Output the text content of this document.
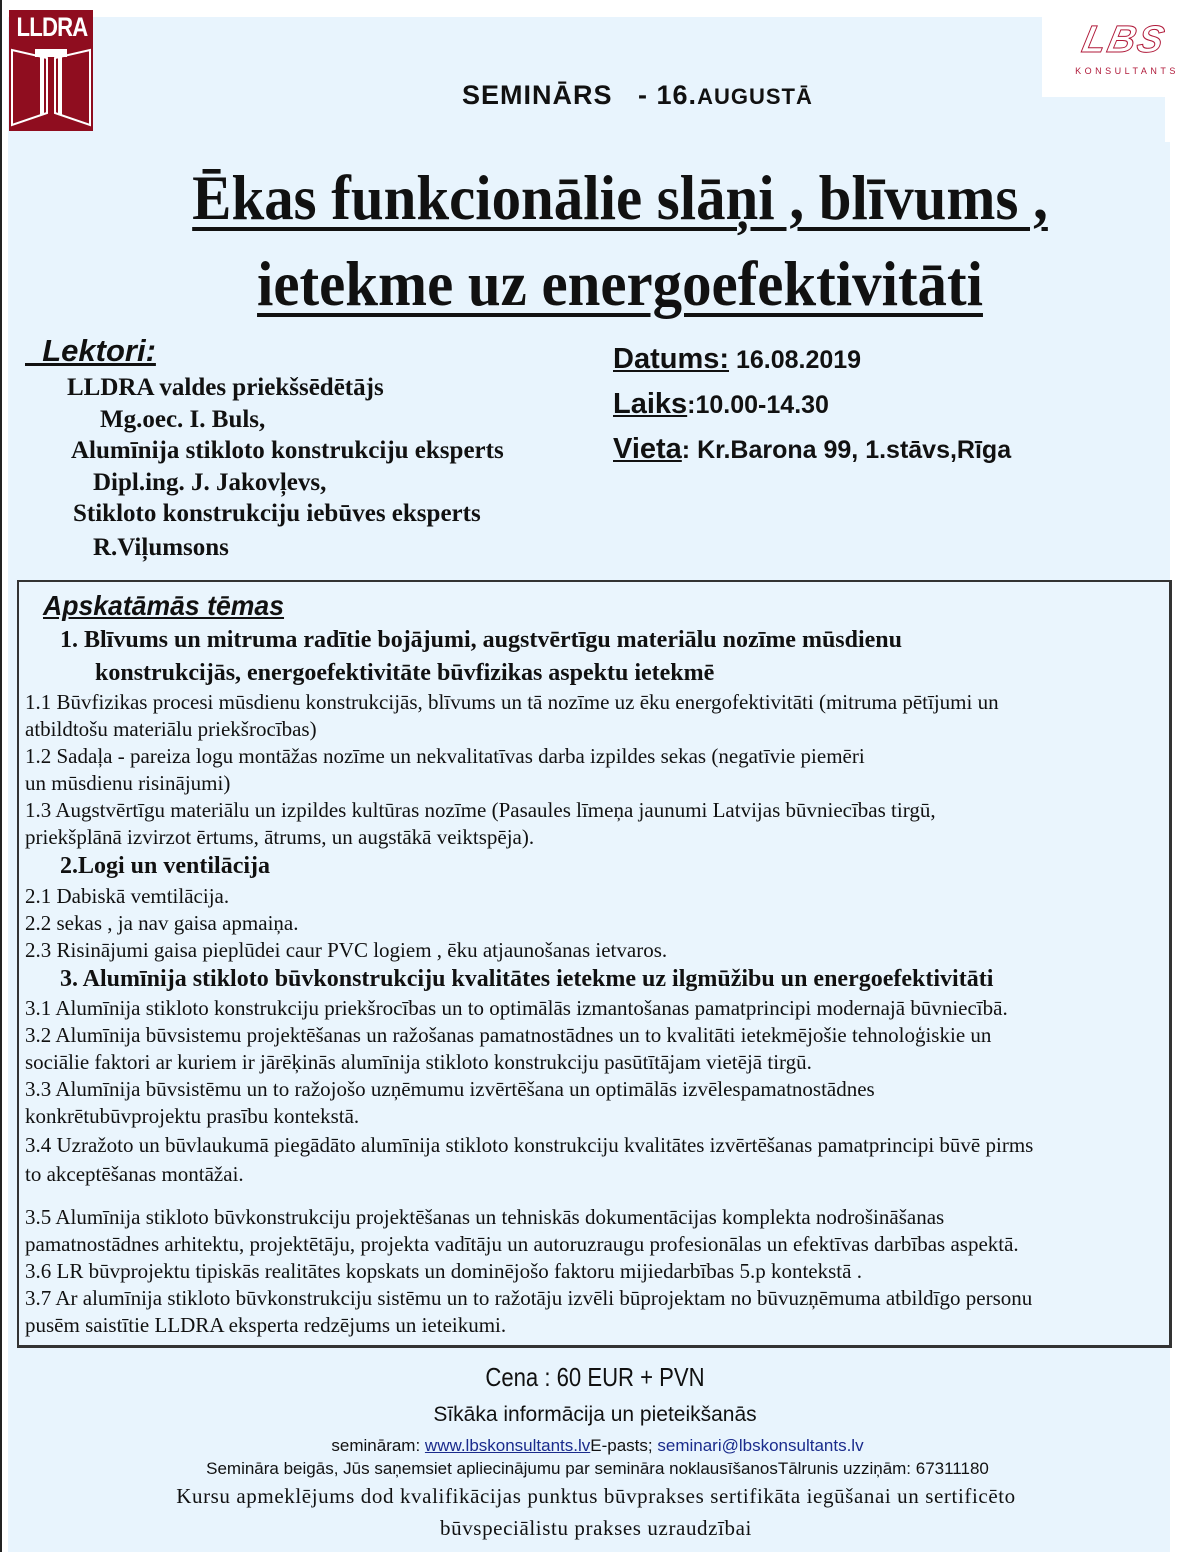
LLDRA	LBS
KONSULTANTS
SEMINĀRS - 16.AUGUSTĀ
Ēkas funkcionālie slāņi , blīvums ,
ietekme uz energoefektivitāti
Lektori:
LLDRA valdes priekšsēdētājs
Mg.oec. I. Buls,
Alumīnija stikloto konstrukciju eksperts
Dipl.ing. J. Jakovļevs,
Stikloto konstrukciju iebūves eksperts
R.Viļumsons
Datums: 16.08.2019
Laiks:10.00-14.30
Vieta: Kr.Barona 99, 1.stāvs,Rīga
Apskatāmās tēmas
1. Blīvums un mitruma radītie bojājumi, augstvērtīgu materiālu nozīme mūsdienu
konstrukcijās, energoefektivitāte būvfizikas aspektu ietekmē
1.1 Būvfizikas procesi mūsdienu konstrukcijās, blīvums un tā nozīme uz ēku energofektivitāti (mitruma pētījumi un
atbildtošu materiālu priekšrocības)
1.2 Sadaļa - pareiza logu montāžas nozīme un nekvalitatīvas darba izpildes sekas (negatīvie piemēri
un mūsdienu risinājumi)
1.3 Augstvērtīgu materiālu un izpildes kultūras nozīme (Pasaules līmeņa jaunumi Latvijas būvniecības tirgū,
priekšplānā izvirzot ērtums, ātrums, un augstākā veiktspēja).
2.Logi un ventilācija
2.1 Dabiskā vemtilācija.
2.2 sekas , ja nav gaisa apmaiņa.
2.3 Risinājumi gaisa pieplūdei caur PVC logiem , ēku atjaunošanas ietvaros.
3. Alumīnija stikloto būvkonstrukciju kvalitātes ietekme uz ilgmūžibu un energoefektivitāti
3.1 Alumīnija stikloto konstrukciju priekšrocības un to optimālās izmantošanas pamatprincipi modernajā būvniecībā.
3.2 Alumīnija būvsistemu projektēšanas un ražošanas pamatnostādnes un to kvalitāti ietekmējošie tehnoloģiskie un
sociālie faktori ar kuriem ir jārēķinās alumīnija stikloto konstrukciju pasūtītājam vietējā tirgū.
3.3 Alumīnija būvsistēmu un to ražojošo uzņēmumu izvērtēšana un optimālās izvēlespamatnostādnes
konkrētubūvprojektu prasību kontekstā.
3.4 Uzražoto un būvlaukumā piegādāto alumīnija stikloto konstrukciju kvalitātes izvērtēšanas pamatprincipi būvē pirms
to akceptēšanas montāžai.
3.5 Alumīnija stikloto būvkonstrukciju projektēšanas un tehniskās dokumentācijas komplekta nodrošināšanas
pamatnostādnes arhitektu, projektētāju, projekta vadītāju un autoruzraugu profesionālas un efektīvas darbības aspektā.
3.6 LR būvprojektu tipiskās realitātes kopskats un dominējošo faktoru mijiedarbības 5.p kontekstā .
3.7 Ar alumīnija stikloto būvkonstrukciju sistēmu un to ražotāju izvēli būprojektam no būvuzņēmuma atbildīgo personu
pusēm saistītie LLDRA eksperta redzējums un ieteikumi.
Cena : 60 EUR + PVN
Sīkāka informācija un pieteikšanās
semināram: www.lbskonsultants.lvE-pasts; seminari@lbskonsultants.lv
Semināra beigās, Jūs saņemsiet apliecinājumu par semināra noklausīšanosTālrunis uzziņām: 67311180
Kursu apmeklējums dod kvalifikācijas punktus būvprakses sertifikāta iegūšanai un sertificēto
būvspeciālistu prakses uzraudzībai
